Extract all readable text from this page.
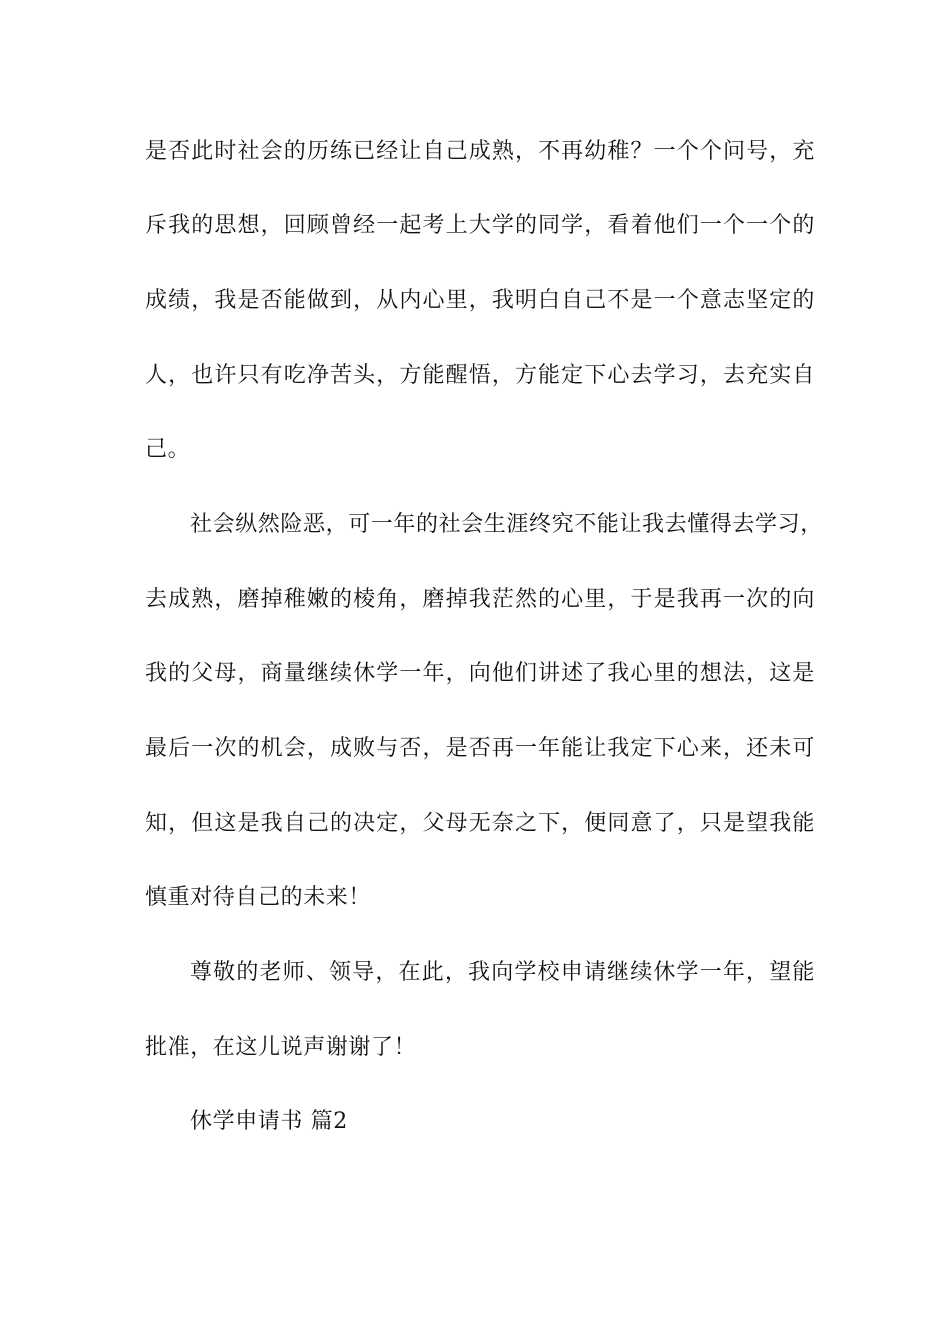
是否此时社会的历练已经让自己成熟，不再幼稚？一个个问号，充
斥我的思想，回顾曾经一起考上大学的同学，看着他们一个一个的
成绩，我是否能做到，从内心里，我明白自己不是一个意志坚定的
人，也许只有吃净苦头，方能醒悟，方能定下心去学习，去充实自
己。
社会纵然险恶，可一年的社会生涯终究不能让我去懂得去学习，
去成熟，磨掉稚嫩的棱角，磨掉我茫然的心里，于是我再一次的向
我的父母，商量继续休学一年，向他们讲述了我心里的想法，这是
最后一次的机会，成败与否，是否再一年能让我定下心来，还未可
知，但这是我自己的决定，父母无奈之下，便同意了，只是望我能
慎重对待自己的未来！
尊敬的老师、领导，在此，我向学校申请继续休学一年，望能
批准，在这儿说声谢谢了！
休学申请书 篇2
